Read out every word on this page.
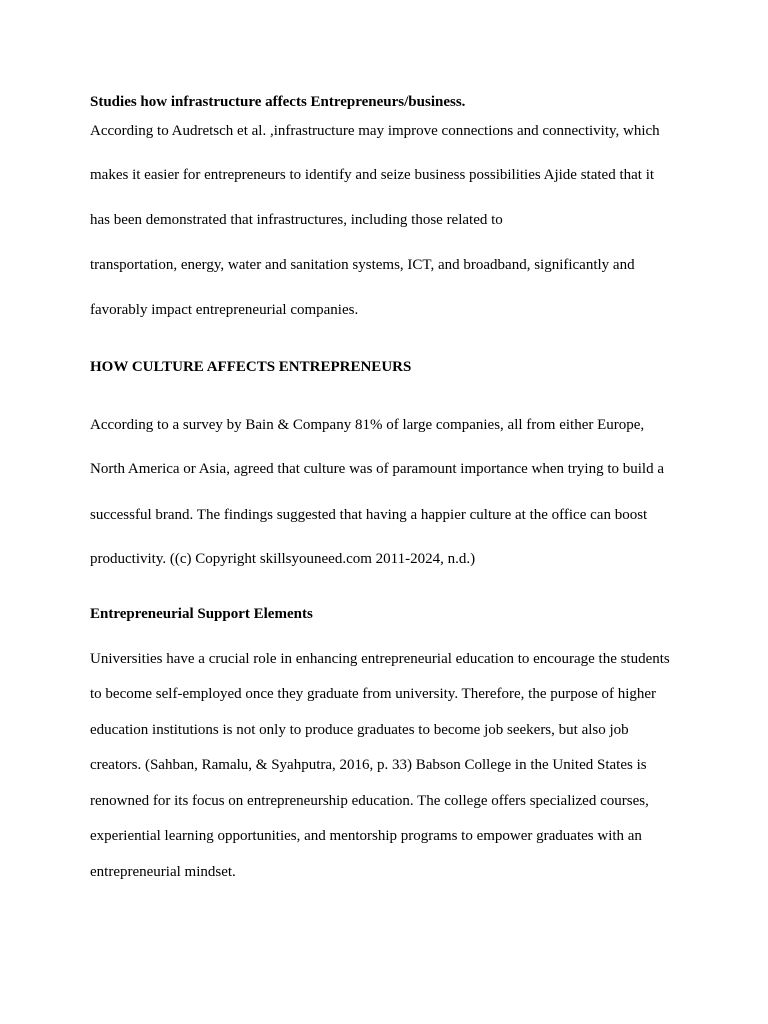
Studies how infrastructure affects Entrepreneurs/business.
According to Audretsch et al. ,infrastructure may improve connections and connectivity, which
makes it easier for entrepreneurs to identify and seize business possibilities Ajide stated that it
has been demonstrated that infrastructures, including those related to
transportation, energy, water and sanitation systems, ICT, and broadband, significantly and
favorably impact entrepreneurial companies.
HOW CULTURE AFFECTS ENTREPRENEURS
According to a survey by Bain & Company 81% of large companies, all from either Europe,
North America or Asia, agreed that culture was of paramount importance when trying to build a
successful brand. The findings suggested that having a happier culture at the office can boost
productivity. ((c) Copyright skillsyouneed.com 2011-2024, n.d.)
Entrepreneurial Support Elements
Universities have a crucial role in enhancing entrepreneurial education to encourage the students
to become self-employed once they graduate from university. Therefore, the purpose of higher
education institutions is not only to produce graduates to become job seekers, but also job
creators. (Sahban, Ramalu, & Syahputra, 2016, p. 33) Babson College in the United States is
renowned for its focus on entrepreneurship education. The college offers specialized courses,
experiential learning opportunities, and mentorship programs to empower graduates with an
entrepreneurial mindset.
